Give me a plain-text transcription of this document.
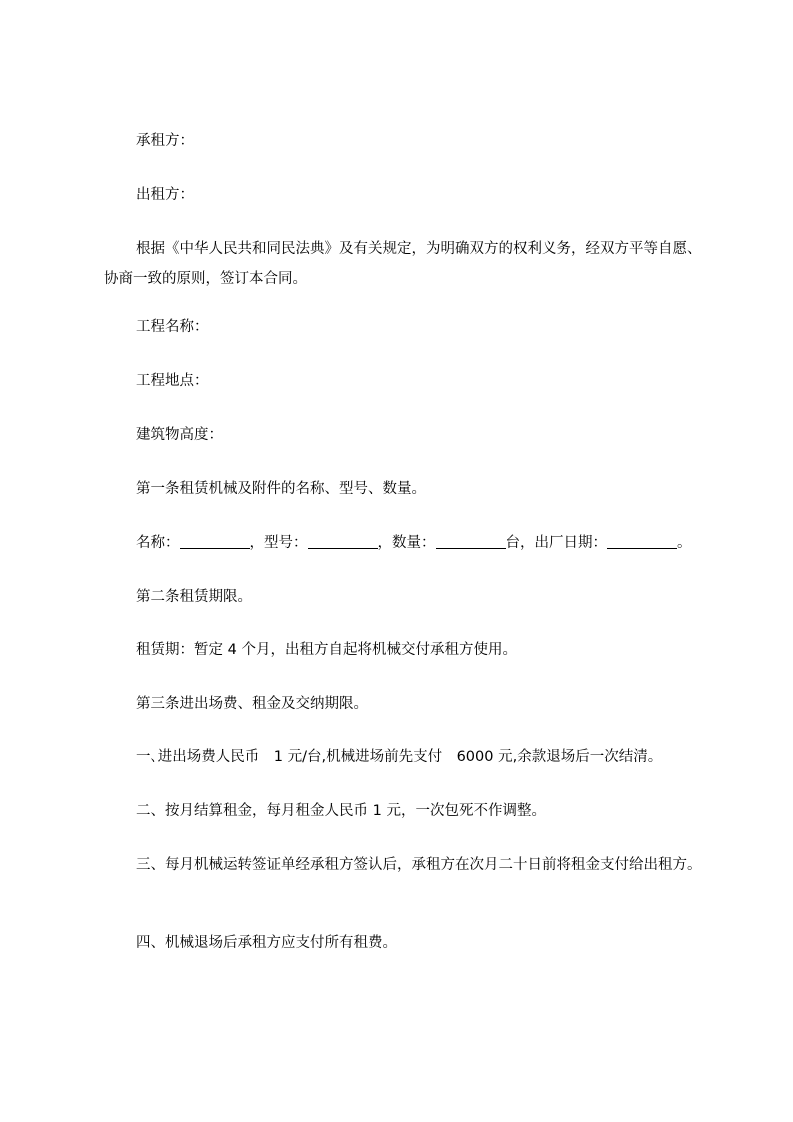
承租方：
出租方：
根据《中华人民共和同民法典》及有关规定，为明确双方的权利义务，经双方平等自愿、协商一致的原则，签订本合同。
工程名称：
工程地点：
建筑物高度：
第一条租赁机械及附件的名称、型号、数量。
名称：	，型号：	，数量：	台，出厂日期：	。
第二条租赁期限。
租赁期：暂定 4 个月，出租方自起将机械交付承租方使用。
第三条进出场费、租金及交纳期限。
一､进出场费人民币　1 元/台,机械进场前先支付　6000 元,余款退场后一次结清。
二、按月结算租金，每月租金人民币 1 元，一次包死不作调整。
三、每月机械运转签证单经承租方签认后，承租方在次月二十日前将租金支付给出租方。
四、机械退场后承租方应支付所有租费。
